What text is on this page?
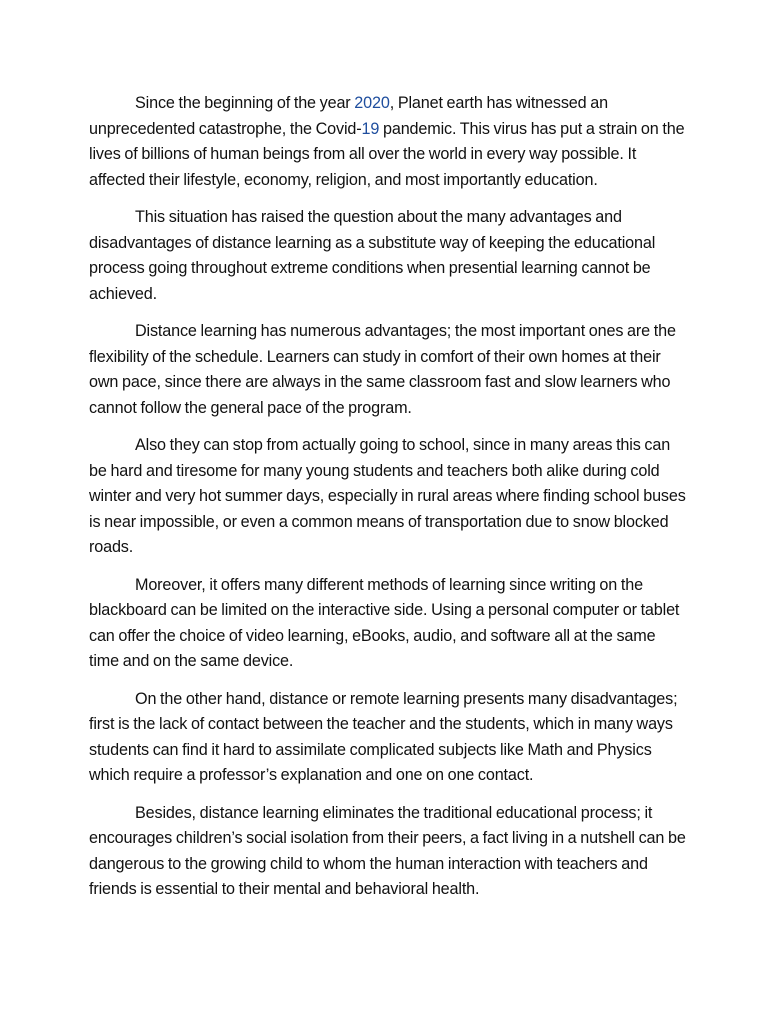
Since the beginning of the year 2020, Planet earth has witnessed an unprecedented catastrophe, the Covid-19 pandemic. This virus has put a strain on the lives of billions of human beings from all over the world in every way possible. It affected their lifestyle, economy, religion, and most importantly education.

This situation has raised the question about the many advantages and disadvantages of distance learning as a substitute way of keeping the educational process going throughout extreme conditions when presential learning cannot be achieved.

Distance learning has numerous advantages; the most important ones are the flexibility of the schedule. Learners can study in comfort of their own homes at their own pace, since there are always in the same classroom fast and slow learners who cannot follow the general pace of the program.

Also they can stop from actually going to school, since in many areas this can be hard and tiresome for many young students and teachers both alike during cold winter and very hot summer days, especially in rural areas where finding school buses is near impossible, or even a common means of transportation due to snow blocked roads.

Moreover, it offers many different methods of learning since writing on the blackboard can be limited on the interactive side. Using a personal computer or tablet can offer the choice of video learning, eBooks, audio, and software all at the same time and on the same device.

On the other hand, distance or remote learning presents many disadvantages; first is the lack of contact between the teacher and the students, which in many ways students can find it hard to assimilate complicated subjects like Math and Physics which require a professor’s explanation and one on one contact.

Besides, distance learning eliminates the traditional educational process; it encourages children’s social isolation from their peers, a fact living in a nutshell can be dangerous to the growing child to whom the human interaction with teachers and friends is essential to their mental and behavioral health.
